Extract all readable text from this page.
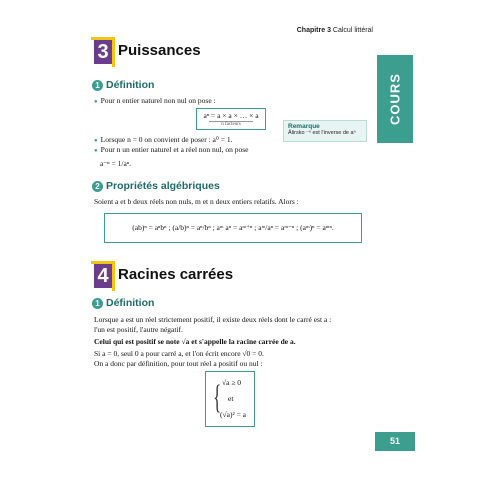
Chapitre 3 Calcul littéral
COURS
3 Puissances
1 Définition
● Pour n entier naturel non nul on pose :
aⁿ = a × a × … × a
n facteurs
● Lorsque n = 0 on convient de poser : a⁰ = 1.
● Pour n un entier naturel et a réel non nul, on pose
a⁻ⁿ = 1/aⁿ.
Remarque
Âlirsko ⁻ⁿ est l'inverse de aⁿ
2 Propriétés algébriques
Soient a et b deux réels non nuls, m et n deux entiers relatifs. Alors :
(ab)ⁿ = aⁿbⁿ ; (a/b)ⁿ = aⁿ/bⁿ ; aᵐ aⁿ = aᵐ⁺ⁿ ; aᵐ/aⁿ = aᵐ⁻ⁿ ; (aᵐ)ⁿ = aᵐⁿ.
4 Racines carrées
1 Définition
Lorsque a est un réel strictement positif, il existe deux réels dont le carré est a :
l'un est positif, l'autre négatif.
Celui qui est positif se note √a et s'appelle la racine carrée de a.
Si a = 0, seul 0 a pour carré a, et l'on écrit encore √0 = 0.
On a donc par définition, pour tout réel a positif ou nul :
{ √a ≥ 0
et
(√a)² = a
51
